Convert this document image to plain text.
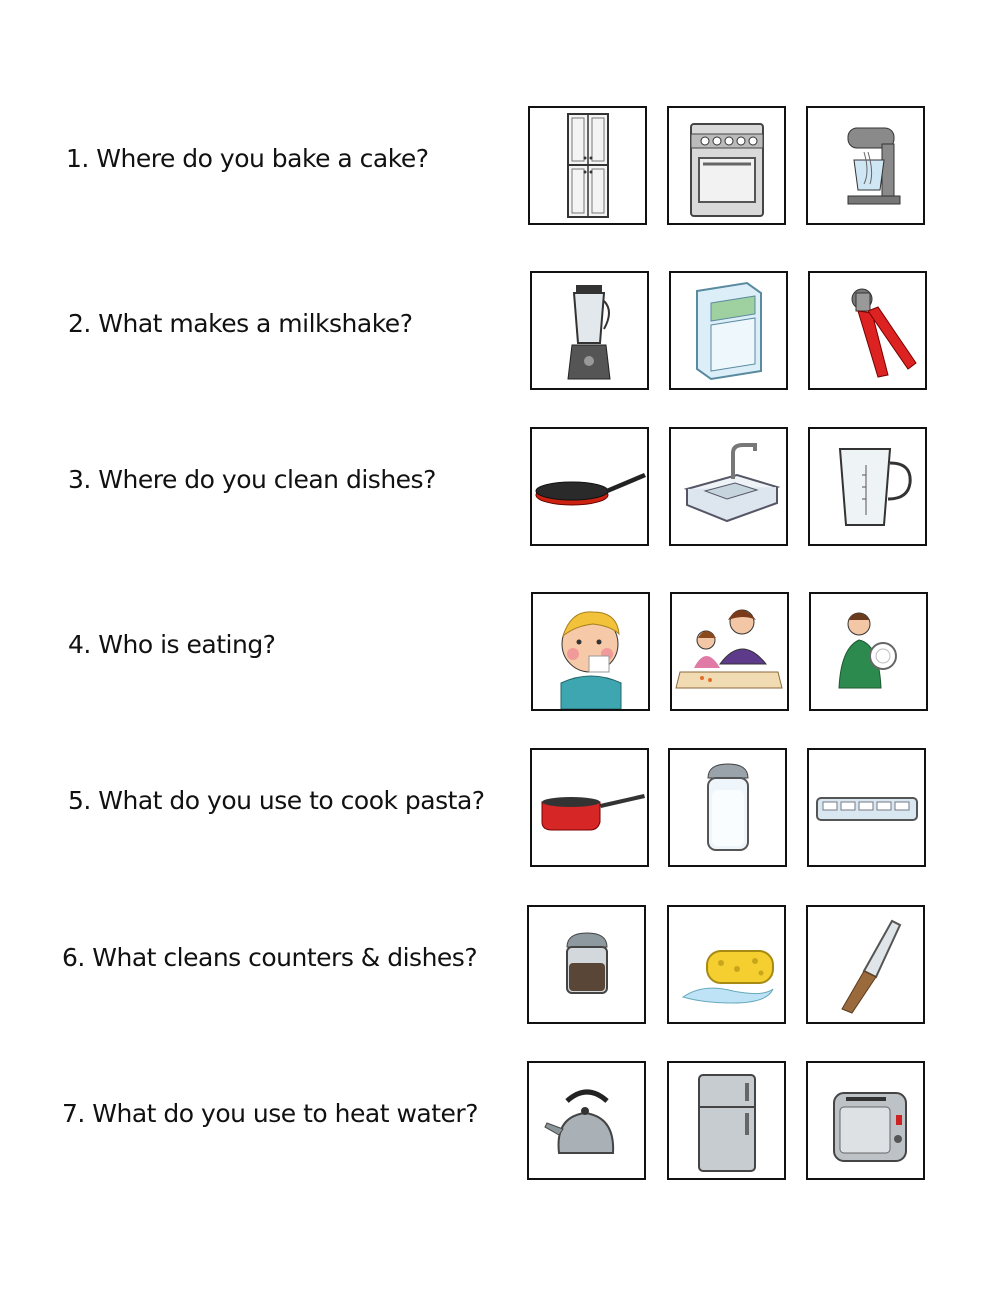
1. Where do you bake a cake?
2. What makes a milkshake?
3. Where do you clean dishes?
4. Who is eating?
5. What do you use to cook pasta?
6. What cleans counters & dishes?
7. What do you use to heat water?
